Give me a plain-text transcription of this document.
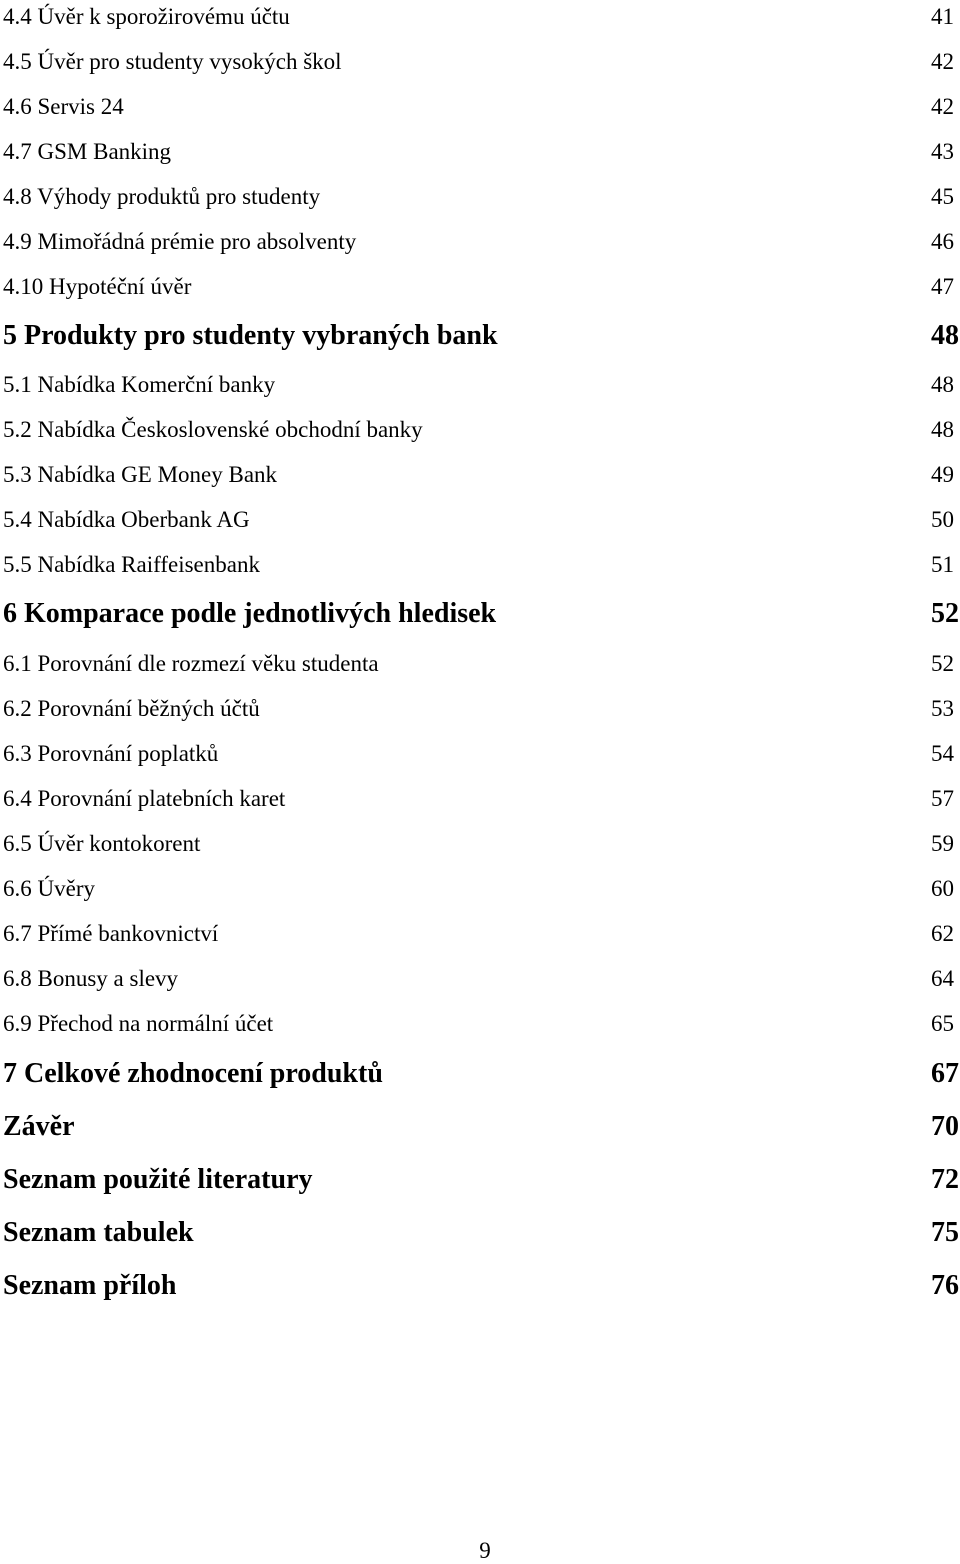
4.4 Úvěr k sporožirovému účtu	41
4.5 Úvěr pro studenty vysokých škol	42
4.6 Servis 24	42
4.7 GSM Banking	43
4.8 Výhody produktů pro studenty	45
4.9 Mimořádná prémie pro absolventy	46
4.10 Hypotéční úvěr	47
5 Produkty pro studenty vybraných bank	48
5.1 Nabídka Komerční banky	48
5.2 Nabídka Československé obchodní banky	48
5.3 Nabídka GE Money Bank	49
5.4 Nabídka Oberbank AG	50
5.5 Nabídka Raiffeisenbank	51
6 Komparace podle jednotlivých hledisek	52
6.1 Porovnání dle rozmezí věku studenta	52
6.2 Porovnání běžných účtů	53
6.3 Porovnání poplatků	54
6.4 Porovnání platebních karet	57
6.5 Úvěr kontokorent	59
6.6 Úvěry	60
6.7 Přímé bankovnictví	62
6.8 Bonusy a slevy	64
6.9 Přechod na normální účet	65
7 Celkové zhodnocení produktů	67
Závěr	70
Seznam použité literatury	72
Seznam tabulek	75
Seznam příloh	76
9
